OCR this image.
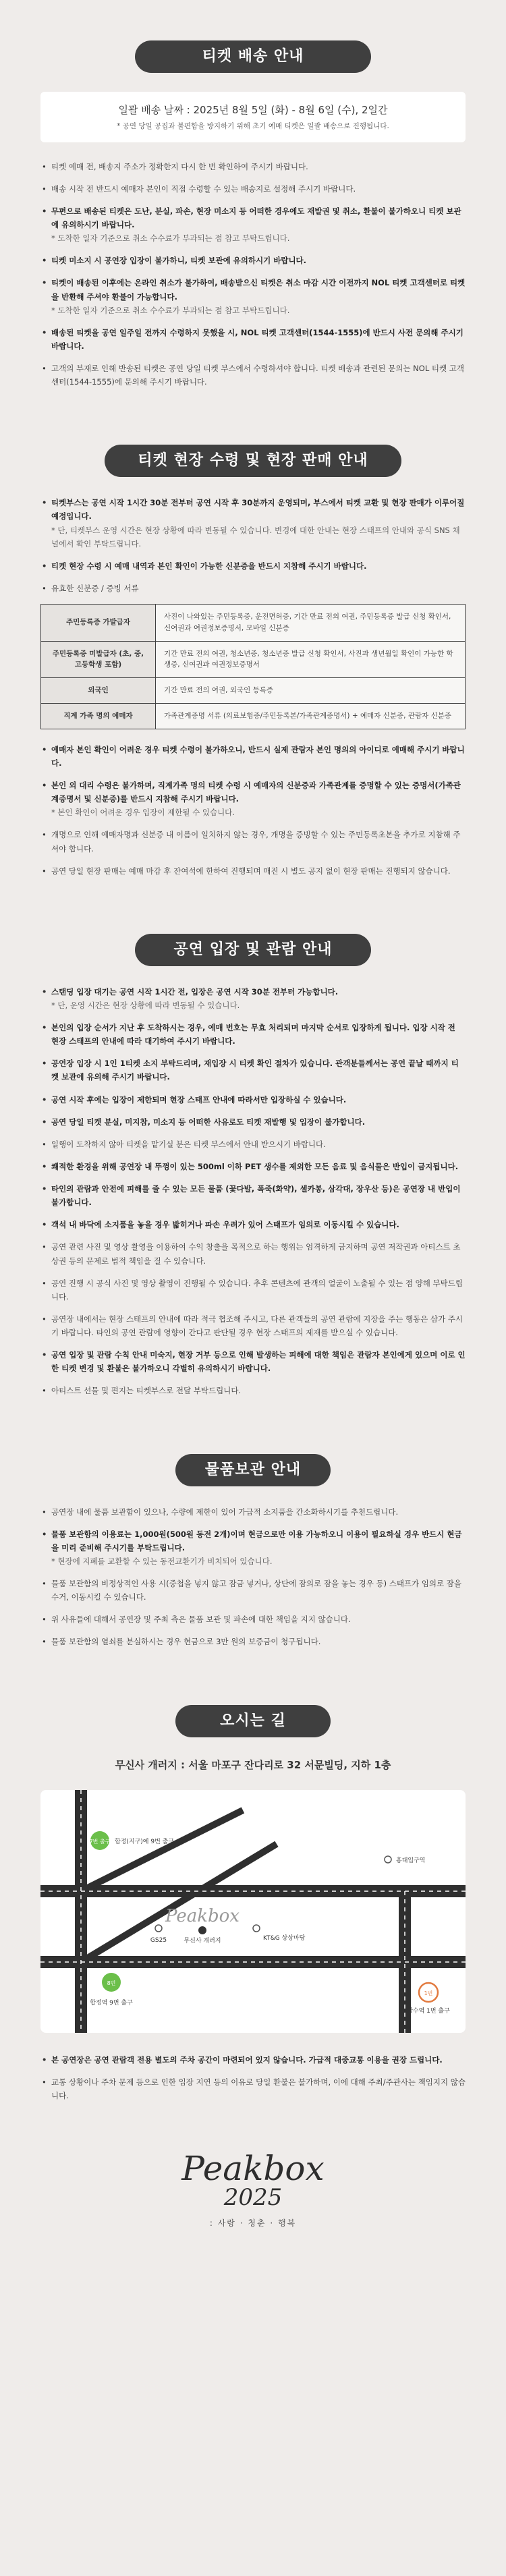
티켓 배송 안내
일괄 배송 날짜 : 2025년 8월 5일 (화) - 8월 6일 (수), 2일간
* 공연 당일 공집과 불편함을 방지하기 위해 초기 예매 티켓은 일괄 배송으로 진행됩니다.
• 티켓 예매 전, 배송지 주소가 정확한지 다시 한 번 확인하여 주시기 바랍니다.
• 배송 시작 전 반드시 예매자 본인이 직접 수령할 수 있는 배송지로 설정해 주시기 바랍니다.
• 무편으로 배송된 티켓은 도난, 분실, 파손, 현장 미소지 등 어떠한 경우에도 재발권 및 취소, 환불이 불가하오니 티켓 보관에 유의하시기 바랍니다.
* 도착한 일자 기준으로 취소 수수료가 부과되는 점 참고 부탁드립니다.
• 티켓 미소지 시 공연장 입장이 불가하니, 티켓 보관에 유의하시기 바랍니다.
• 티켓이 배송된 이후에는 온라인 취소가 불가하여, 배송받으신 티켓은 취소 마감 시간 이전까지 NOL 티켓 고객센터로 티켓을 반환해 주셔야 환불이 가능합니다.
* 도착한 일자 기준으로 취소 수수료가 부과되는 점 참고 부탁드립니다.
• 배송된 티켓을 공연 일주일 전까지 수령하지 못했을 시, NOL 티켓 고객센터(1544-1555)에 반드시 사전 문의해 주시기 바랍니다.
• 고객의 부재로 인해 반송된 티켓은 공연 당일 티켓 부스에서 수령하셔야 합니다. 티켓 배송과 관련된 문의는 NOL 티켓 고객센터(1544-1555)에 문의해 주시기 바랍니다.
티켓 현장 수령 및 현장 판매 안내
• 티켓부스는 공연 시작 1시간 30분 전부터 공연 시작 후 30분까지 운영되며, 부스에서 티켓 교환 및 현장 판매가 이루어질 예정입니다.
* 단, 티켓부스 운영 시간은 현장 상황에 따라 변동될 수 있습니다. 변경에 대한 안내는 현장 스태프의 안내와 공식 SNS 채널에서 확인 부탁드립니다.
• 티켓 현장 수령 시 예매 내역과 본인 확인이 가능한 신분증을 반드시 지참해 주시기 바랍니다.
• 유효한 신분증 / 증빙 서류
주민등록증 가발급자	사진이 나와있는 주민등록증, 운전면허증, 기간 만료 전의 여권, 주민등록증 발급 신청 확인서, 신여권과 여권정보증명서, 모바일 신분증
주민등록증 미발급자 (초, 중, 고등학생 포함)	기간 만료 전의 여권, 청소년증, 청소년증 발급 신청 확인서, 사진과 생년월일 확인이 가능한 학생증, 신여권과 여권정보증명서
외국인	기간 만료 전의 여권, 외국인 등록증
직계 가족 명의 예매자	가족관계증명 서류 (의료보험증/주민등록본/가족관계증명서) + 예매자 신분증, 관람자 신분증
• 예매자 본인 확인이 어려운 경우 티켓 수령이 불가하오니, 반드시 실제 관람자 본인 명의의 아이디로 예매해 주시기 바랍니다.
• 본인 외 대리 수령은 불가하며, 직계가족 명의 티켓 수령 시 예매자의 신분증과 가족관계를 증명할 수 있는 증명서(가족관계증명서 및 신분증)를 반드시 지참해 주시기 바랍니다.
* 본인 확인이 어려운 경우 입장이 제한될 수 있습니다.
• 개명으로 인해 예매자명과 신분증 내 이름이 일치하지 않는 경우, 개명을 증빙할 수 있는 주민등록초본을 추가로 지참해 주셔야 합니다.
• 공연 당일 현장 판매는 예매 마감 후 잔여석에 한하여 진행되며 매진 시 별도 공지 없이 현장 판매는 진행되지 않습니다.
공연 입장 및 관람 안내
• 스탠딩 입장 대기는 공연 시작 1시간 전, 입장은 공연 시작 30분 전부터 가능합니다.
* 단, 운영 시간은 현장 상황에 따라 변동될 수 있습니다.
• 본인의 입장 순서가 지난 후 도착하시는 경우, 예매 번호는 무효 처리되며 마지막 순서로 입장하게 됩니다. 입장 시작 전 현장 스태프의 안내에 따라 대기하여 주시기 바랍니다.
• 공연장 입장 시 1인 1티켓 소지 부탁드리며, 재입장 시 티켓 확인 절차가 있습니다. 관객분들께서는 공연 끝날 때까지 티켓 보관에 유의해 주시기 바랍니다.
• 공연 시작 후에는 입장이 제한되며 현장 스태프 안내에 따라서만 입장하실 수 있습니다.
• 공연 당일 티켓 분실, 미지참, 미소지 등 어떠한 사유로도 티켓 재발행 및 입장이 불가합니다.
• 일행이 도착하지 않아 티켓을 맡기실 분은 티켓 부스에서 안내 받으시기 바랍니다.
• 쾌적한 환경을 위해 공연장 내 뚜껑이 있는 500ml 이하 PET 생수를 제외한 모든 음료 및 음식물은 반입이 금지됩니다.
• 타인의 관람과 안전에 피해를 줄 수 있는 모든 물품 (꽃다발, 폭죽(화약), 셀카봉, 삼각대, 장우산 등)은 공연장 내 반입이 불가합니다.
• 객석 내 바닥에 소지품을 놓을 경우 밟히거나 파손 우려가 있어 스태프가 임의로 이동시킬 수 있습니다.
• 공연 관련 사진 및 영상 촬영을 이용하여 수익 창출을 목적으로 하는 행위는 엄격하게 금지하며 공연 저작권과 아티스트 초상권 등의 문제로 법적 책임을 질 수 있습니다.
• 공연 진행 시 공식 사진 및 영상 촬영이 진행될 수 있습니다. 추후 콘텐츠에 관객의 얼굴이 노출될 수 있는 점 양해 부탁드립니다.
• 공연장 내에서는 현장 스태프의 안내에 따라 적극 협조해 주시고, 다른 관객들의 공연 관람에 지장을 주는 행동은 삼가 주시기 바랍니다. 타인의 공연 관람에 영향이 간다고 판단될 경우 현장 스태프의 제재를 받으실 수 있습니다.
• 공연 입장 및 관람 수칙 안내 미숙지, 현장 거부 등으로 인해 발생하는 피해에 대한 책임은 관람자 본인에게 있으며 이로 인한 티켓 변경 및 환불은 불가하오니 각별히 유의하시기 바랍니다.
• 아티스트 선물 및 편지는 티켓부스로 전달 부탁드립니다.
물품보관 안내
• 공연장 내에 물품 보관함이 있으나, 수량에 제한이 있어 가급적 소지품을 간소화하시기를 추천드립니다.
• 물품 보관함의 이용료는 1,000원(500원 동전 2개)이며 현금으로만 이용 가능하오니 이용이 필요하실 경우 반드시 현금을 미리 준비해 주시기를 부탁드립니다.
* 현장에 지폐를 교환할 수 있는 동전교환기가 비치되어 있습니다.
• 물품 보관함의 비정상적인 사용 시(중첩을 넣지 않고 잠금 넣거나, 상단에 잠의로 잠을 놓는 경우 등) 스태프가 임의로 잠을 수거, 이동시킬 수 있습니다.
• 위 사유들에 대해서 공연장 및 주최 측은 물품 보관 및 파손에 대한 책임을 지지 않습니다.
• 물품 보관함의 열쇠를 분실하시는 경우 현금으로 3만 원의 보증금이 청구됩니다.
오시는 길
무신사 개러지 : 서울 마포구 잔다리로 32 서문빌딩, 지하 1층
7번 출구 합정(지구)에 9번 출구
홍대입구역
8번
합정역 9번 출구
1번
상수역 1번 출구
GS25
Peakbox
무신사 개러지	KT&G 상상마당
• 본 공연장은 공연 관람객 전용 별도의 주차 공간이 마련되어 있지 않습니다. 가급적 대중교통 이용을 권장 드립니다.
• 교통 상황이나 주차 문제 등으로 인한 입장 지연 등의 이유로 당일 환불은 불가하며, 이에 대해 주최/주관사는 책임지지 않습니다.
Peakbox
2025
: 사랑 · 청춘 · 행복
